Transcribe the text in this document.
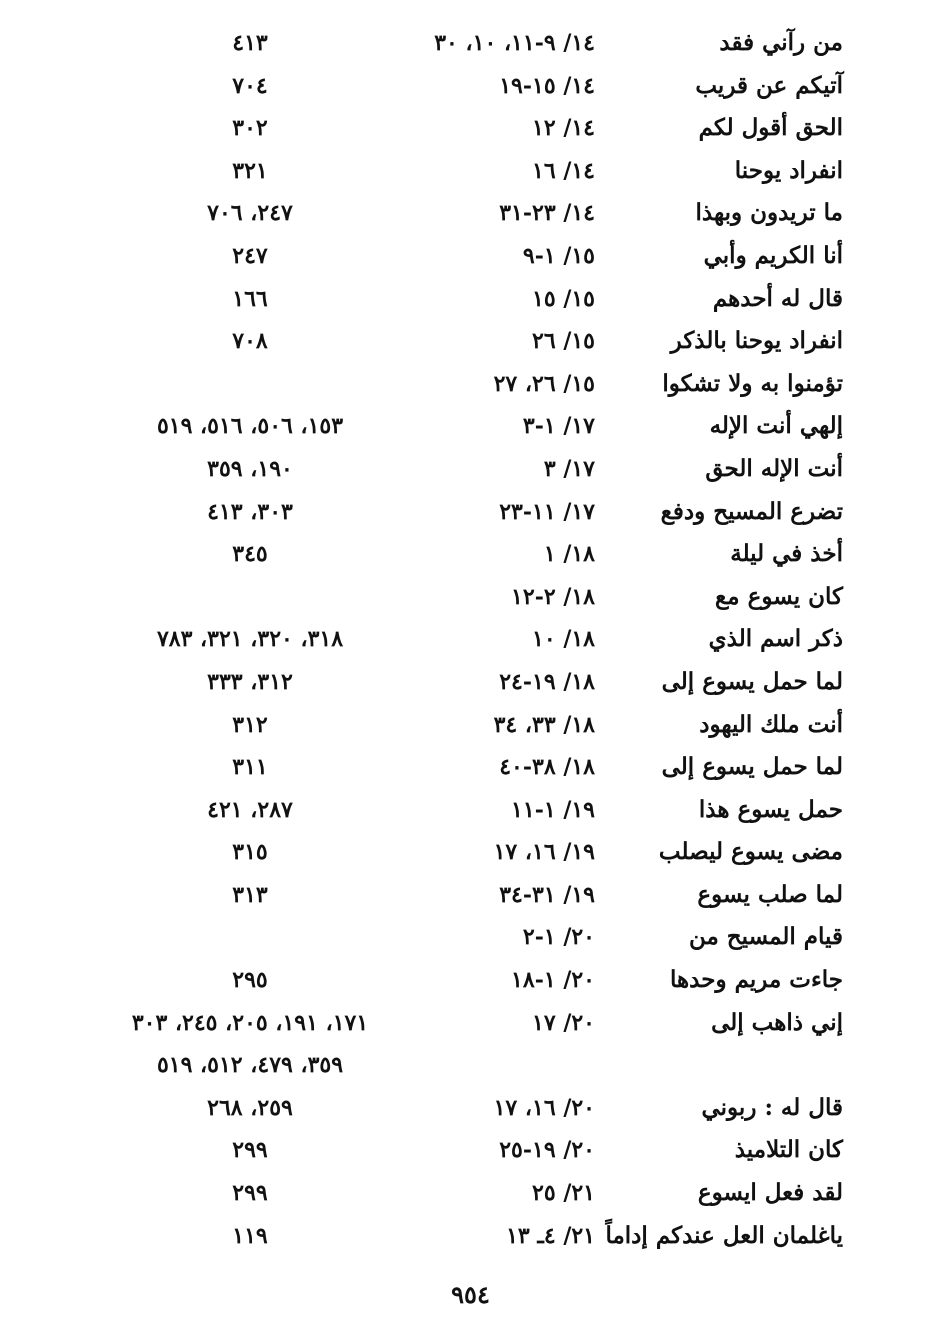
من رآني فقد
١٤/ ٩-١١، ١٠، ٣٠
٤١٣
آتيكم عن قريب
١٤/ ١٥-١٩
٧٠٤
الحق أقول لكم
١٤/ ١٢
٣٠٢
انفراد يوحنا
١٤/ ١٦
٣٢١
ما تريدون وبهذا
١٤/ ٢٣-٣١
٢٤٧، ٧٠٦
أنا الكريم وأبي
١٥/ ١-٩
٢٤٧
قال له أحدهم
١٥/ ١٥
١٦٦
انفراد يوحنا بالذكر
١٥/ ٢٦
٧٠٨
تؤمنوا به ولا تشكوا
١٥/ ٢٦، ٢٧
إلهي أنت الإله
١٧/ ١-٣
١٥٣، ٥٠٦، ٥١٦، ٥١٩
أنت الإله الحق
١٧/ ٣
١٩٠، ٣٥٩
تضرع المسيح ودفع
١٧/ ١١-٢٣
٣٠٣، ٤١٣
أخذ في ليلة
١٨/ ١
٣٤٥
كان يسوع مع
١٨/ ٢-١٢
ذكر اسم الذي
١٨/ ١٠
٣١٨، ٣٢٠، ٣٢١، ٧٨٣
لما حمل يسوع إلى
١٨/ ١٩-٢٤
٣١٢، ٣٣٣
أنت ملك اليهود
١٨/ ٣٣، ٣٤
٣١٢
لما حمل يسوع إلى
١٨/ ٣٨-٤٠
٣١١
حمل يسوع هذا
١٩/ ١-١١
٢٨٧، ٤٢١
مضى يسوع ليصلب
١٩/ ١٦، ١٧
٣١٥
لما صلب يسوع
١٩/ ٣١-٣٤
٣١٣
قيام المسيح من
٢٠/ ١-٢
جاءت مريم وحدها
٢٠/ ١-١٨
٢٩٥
إني ذاهب إلى
٢٠/ ١٧
١٧١، ١٩١، ٢٠٥، ٢٤٥، ٣٠٣
٣٥٩، ٤٧٩، ٥١٢، ٥١٩
قال له : ربوني
٢٠/ ١٦، ١٧
٢٥٩، ٢٦٨
كان التلاميذ
٢٠/ ١٩-٢٥
٢٩٩
لقد فعل ايسوع
٢١/ ٢٥
٢٩٩
ياغلمان العل عندكم إداماً
٢١/ ٤ـ ١٣
١١٩
٩٥٤
